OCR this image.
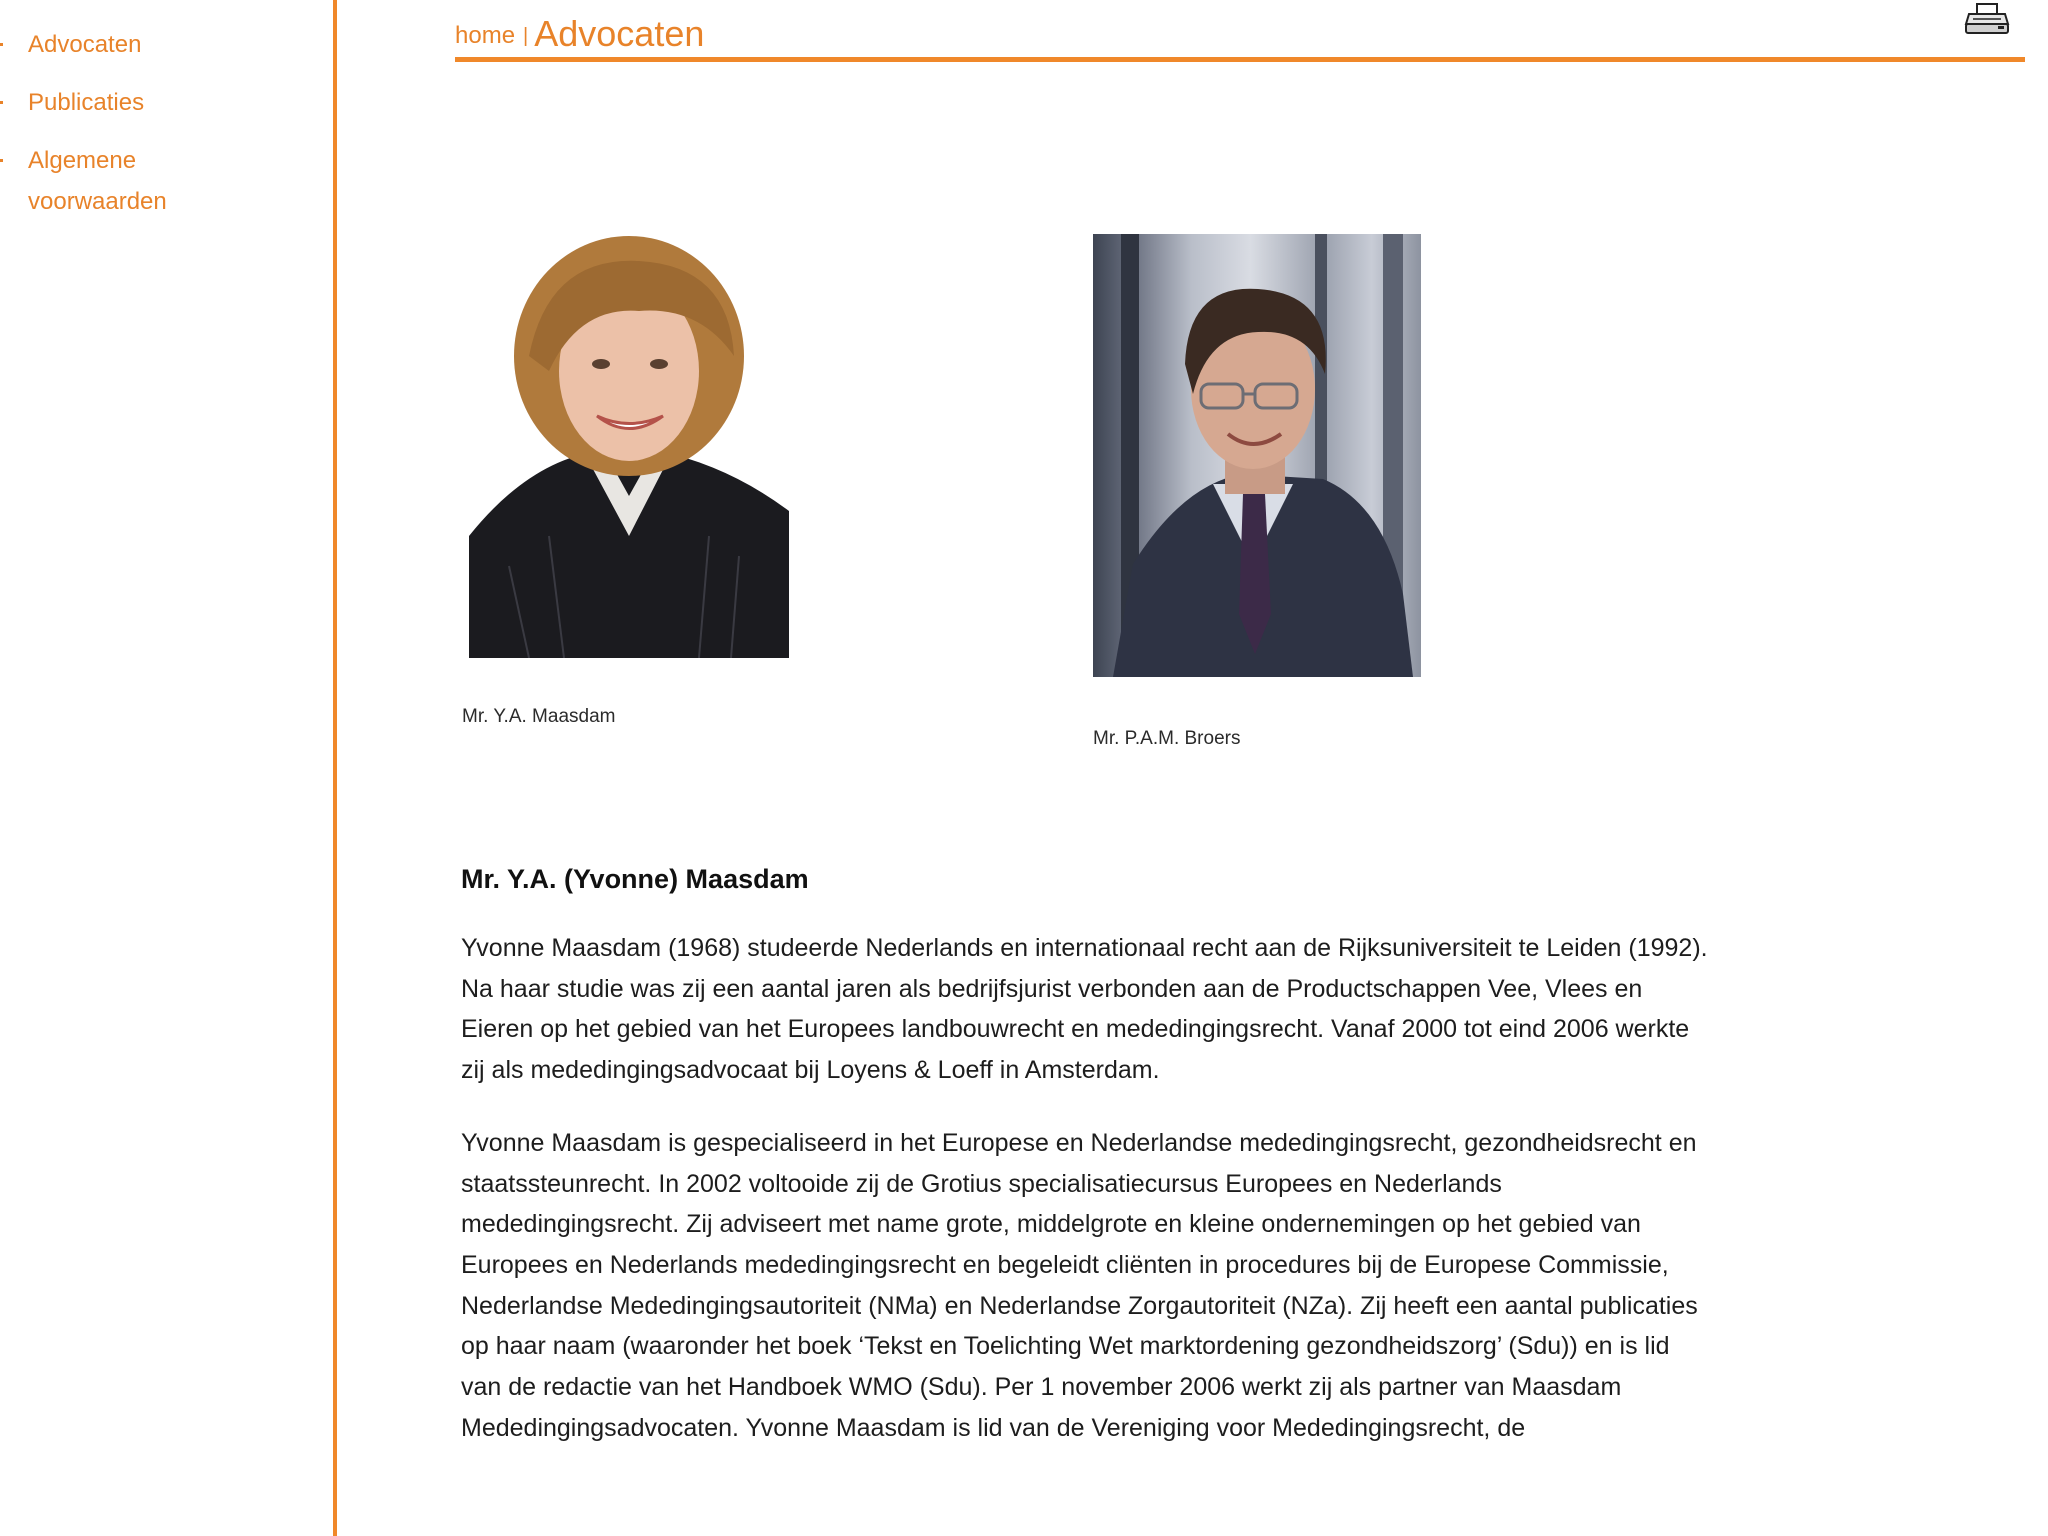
Advocaten
Publicaties
Algemene voorwaarden
home | Advocaten
Mr. Y.A. Maasdam
Mr. P.A.M. Broers
Mr. Y.A. (Yvonne) Maasdam

Yvonne Maasdam (1968) studeerde Nederlands en internationaal recht aan de Rijksuniversiteit te Leiden (1992). Na haar studie was zij een aantal jaren als bedrijfsjurist verbonden aan de Productschappen Vee, Vlees en Eieren op het gebied van het Europees landbouwrecht en mededingingsrecht. Vanaf 2000 tot eind 2006 werkte zij als mededingingsadvocaat bij Loyens & Loeff in Amsterdam.

Yvonne Maasdam is gespecialiseerd in het Europese en Nederlandse mededingingsrecht, gezondheidsrecht en staatssteunrecht. In 2002 voltooide zij de Grotius specialisatiecursus Europees en Nederlands mededingingsrecht. Zij adviseert met name grote, middelgrote en kleine ondernemingen op het gebied van Europees en Nederlands mededingingsrecht en begeleidt cliënten in procedures bij de Europese Commissie, Nederlandse Mededingingsautoriteit (NMa) en Nederlandse Zorgautoriteit (NZa). Zij heeft een aantal publicaties op haar naam (waaronder het boek ‘Tekst en Toelichting Wet marktordening gezondheidszorg’ (Sdu)) en is lid van de redactie van het Handboek WMO (Sdu). Per 1 november 2006 werkt zij als partner van Maasdam Mededingingsadvocaten. Yvonne Maasdam is lid van de Vereniging voor Mededingingsrecht, de
